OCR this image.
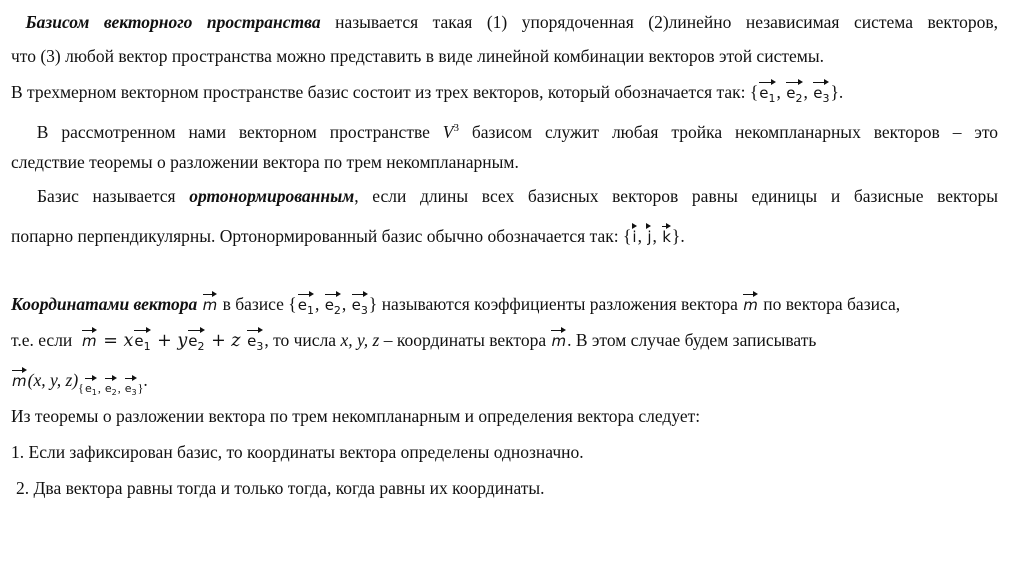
Базисом векторного пространства называется такая (1) упорядоченная (2)линейно независимая система векторов,
что (3) любой вектор пространства можно представить в виде линейной комбинации векторов этой системы.
В трехмерном векторном пространстве базис состоит из трех векторов, который обозначается так: {$e_1$, $e_2$, $e_3$}.
В рассмотренном нами векторном пространстве $V^3$ базисом служит любая тройка некомпланарных векторов – это
следствие теоремы о разложении вектора по трем некомпланарным.
Базис называется ортонормированным, если длины всех базисных векторов равны единицы и базисные векторы
попарно перпендикулярны. Ортонормированный базис обычно обозначается так: {i, j, k}.
Координатами вектора m в базисе {$e_1$, $e_2$, $e_3$} называются коэффициенты разложения вектора m по вектора базиса,
т.е. если  $m = xe_1 + ye_2 + z$ $e_3$, то числа x, y, z – координаты вектора m. В этом случае будем записывать
m(x, y, $z)_{\{e_1, e_2, e_3\}}$.
Из теоремы о разложении вектора по трем некомпланарным и определения вектора следует:
1. Если зафиксирован базис, то координаты вектора определены однозначно.
2. Два вектора равны тогда и только тогда, когда равны их координаты.
